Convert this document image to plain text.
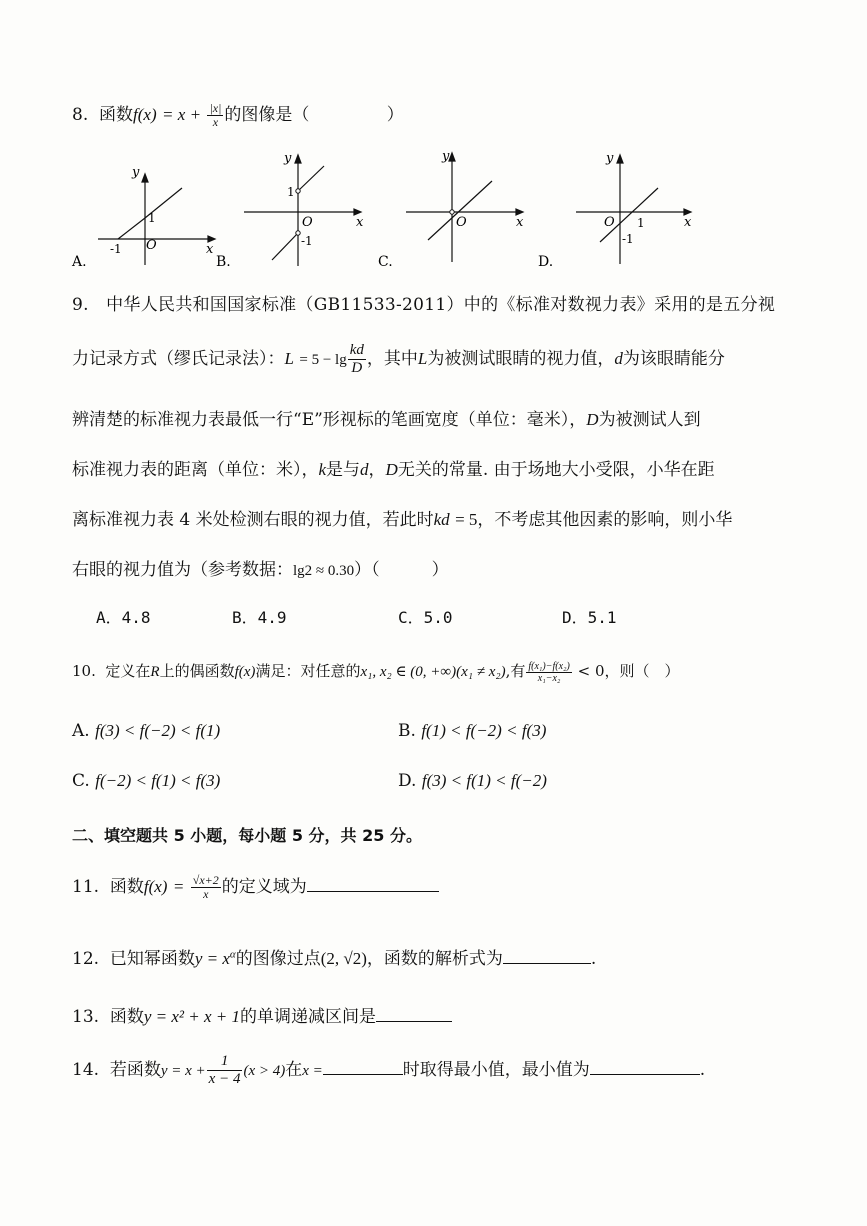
8. 函数$f(x) = x + \frac{|x|}{x}$ 的图像是（	）
y
x
O
1
-1
A.
y
x
O
1
-1
B.
y
x
O
C.
y
x
O 1
-1
D.
9.　中华人民共和国国家标准（GB11533-2011）中的《标准对数视力表》采用的是五分视
力记录方式（缪氏记录法）：$L = 5 - \lg \frac{kd}{D}$ ，其中L为被测试眼睛的视力值，d为该眼睛能分
辨清楚的标准视力表最低一行“E”形视标的笔画宽度（单位：毫米），D为被测试人到
标准视力表的距离（单位：米），k是与d，D无关的常量. 由于场地大小受限，小华在距
离标准视力表 4 米处检测右眼的视力值，若此时kd = 5，不考虑其他因素的影响，则小华
右眼的视力值为（参考数据：lg2 ≈ 0.30）（	）
A．4.8	B．4.9	C．5.0	D．5.1
10. 定义在R上的偶函数f(x)满足：对任意的x₁, x₂ ∈ (0, +∞)(x₁ ≠ x₂),有 $\frac{\text{f(x₁)−f(x₂)}}{\text{x₁−x₂}} < 0$，则（　）
A. f(3) < f(−2) < f(1)	B. f(1) < f(−2) < f(3)
C. f(−2) < f(1) < f(3)	D. f(3) < f(1) < f(−2)
二、填空题共 5 小题，每小题 5 分，共 25 分。
11. 函数$f(x) = \frac{√x+2}{x}$ 的定义域为
12. 已知幂函数$y = x^\alpha$的图像过点(2, √2)，函数的解析式为	.
13. 函数y = x² + x + 1的单调递减区间是
14. 若函数$y = x + \frac{1}{x - 4} (x > 4)$在x =	时取得最小值，最小值为	.
